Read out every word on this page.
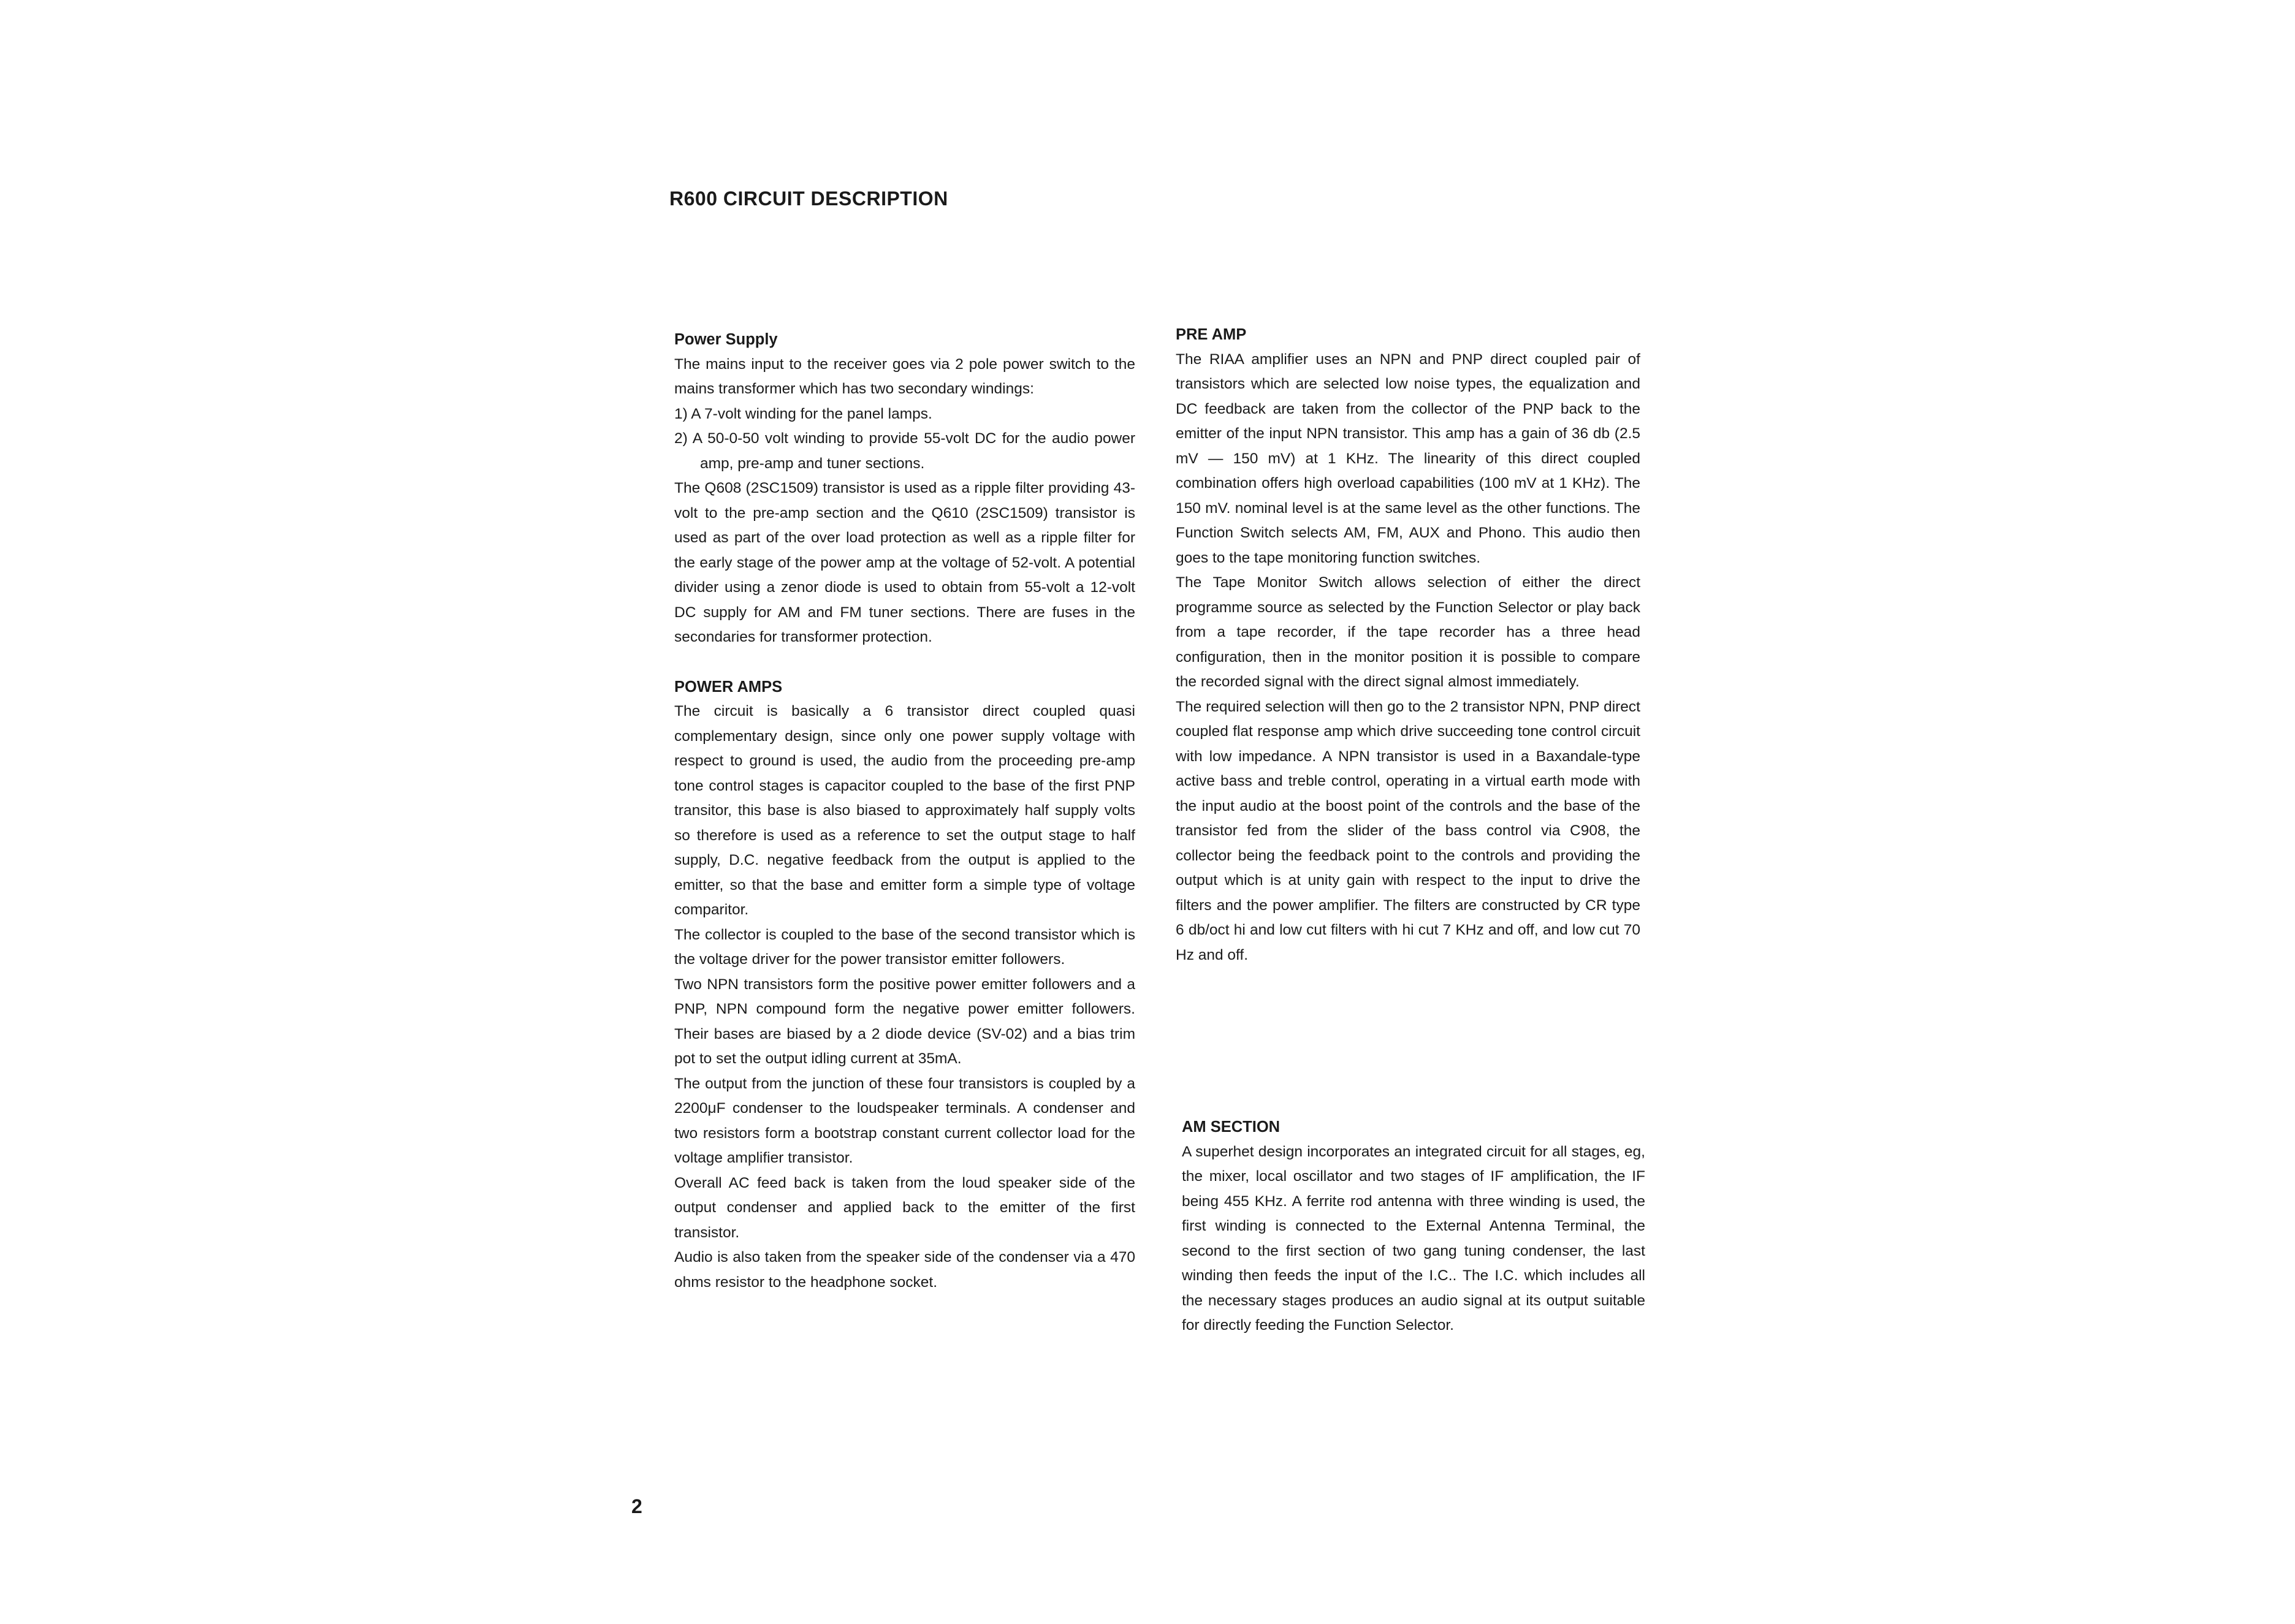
R600 CIRCUIT DESCRIPTION

Power Supply

The mains input to the receiver goes via 2 pole power switch to the mains transformer which has two secondary windings:

1) A 7-volt winding for the panel lamps.

2) A 50-0-50 volt winding to provide 55-volt DC for the audio power amp, pre-amp and tuner sections.

The Q608 (2SC1509) transistor is used as a ripple filter providing 43-volt to the pre-amp section and the Q610 (2SC1509) transistor is used as part of the over load protection as well as a ripple filter for the early stage of the power amp at the voltage of 52-volt. A potential divider using a zenor diode is used to obtain from 55-volt a 12-volt DC supply for AM and FM tuner sections. There are fuses in the secondaries for transformer protection.

POWER AMPS

The circuit is basically a 6 transistor direct coupled quasi complementary design, since only one power supply voltage with respect to ground is used, the audio from the proceeding pre-amp tone control stages is capacitor coupled to the base of the first PNP transitor, this base is also biased to approximately half supply volts so therefore is used as a reference to set the output stage to half supply, D.C. negative feedback from the output is applied to the emitter, so that the base and emitter form a simple type of voltage comparitor.

The collector is coupled to the base of the second transistor which is the voltage driver for the power transistor emitter followers.

Two NPN transistors form the positive power emitter followers and a PNP, NPN compound form the negative power emitter followers. Their bases are biased by a 2 diode device (SV-02) and a bias trim pot to set the output idling current at 35mA.

The output from the junction of these four transistors is coupled by a 2200μF condenser to the loudspeaker terminals. A condenser and two resistors form a bootstrap constant current collector load for the voltage amplifier transistor.

Overall AC feed back is taken from the loud speaker side of the output condenser and applied back to the emitter of the first transistor.

Audio is also taken from the speaker side of the condenser via a 470 ohms resistor to the headphone socket.

PRE AMP

The RIAA amplifier uses an NPN and PNP direct coupled pair of transistors which are selected low noise types, the equalization and DC feedback are taken from the collector of the PNP back to the emitter of the input NPN transistor. This amp has a gain of 36 db (2.5 mV — 150 mV) at 1 KHz. The linearity of this direct coupled combination offers high overload capabilities (100 mV at 1 KHz). The 150 mV. nominal level is at the same level as the other functions. The Function Switch selects AM, FM, AUX and Phono. This audio then goes to the tape monitoring function switches.

The Tape Monitor Switch allows selection of either the direct programme source as selected by the Function Selector or play back from a tape recorder, if the tape recorder has a three head configuration, then in the monitor position it is possible to compare the recorded signal with the direct signal almost immediately.

The required selection will then go to the 2 transistor NPN, PNP direct coupled flat response amp which drive succeeding tone control circuit with low impedance. A NPN transistor is used in a Baxandale-type active bass and treble control, operating in a virtual earth mode with the input audio at the boost point of the controls and the base of the transistor fed from the slider of the bass control via C908, the collector being the feedback point to the controls and providing the output which is at unity gain with respect to the input to drive the filters and the power amplifier. The filters are constructed by CR type 6 db/oct hi and low cut filters with hi cut 7 KHz and off, and low cut 70 Hz and off.

AM SECTION

A superhet design incorporates an integrated circuit for all stages, eg, the mixer, local oscillator and two stages of IF amplification, the IF being 455 KHz. A ferrite rod antenna with three winding is used, the first winding is connected to the External Antenna Terminal, the second to the first section of two gang tuning condenser, the last winding then feeds the input of the I.C.. The I.C. which includes all the necessary stages produces an audio signal at its output suitable for directly feeding the Function Selector.

2
